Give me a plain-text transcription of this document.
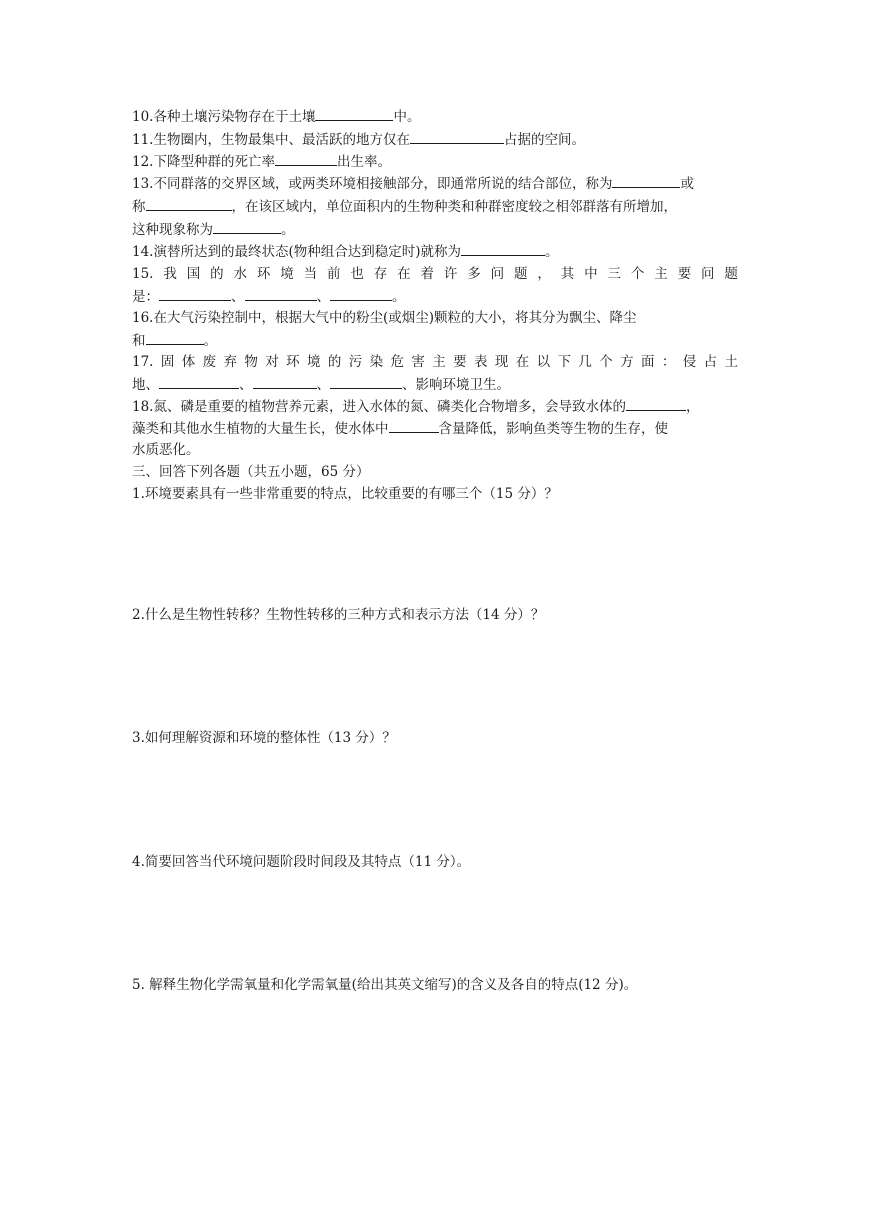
10.各种土壤污染物存在于土壤	中。
11.生物圈内，生物最集中、最活跃的地方仅在	占据的空间。
12.下降型种群的死亡率	出生率。
13.不同群落的交界区域，或两类环境相接触部分，即通常所说的结合部位，称为	或
称	，在该区域内，单位面积内的生物种类和种群密度较之相邻群落有所增加，
这种现象称为	。
14.演替所达到的最终状态(物种组合达到稳定时)就称为	。
15. 我 国 的 水 环 境 当 前 也 存 在 着 许 多 问 题 ， 其 中 三 个 主 要 问 题
是：	、	、	。
16.在大气污染控制中，根据大气中的粉尘(或烟尘)颗粒的大小，将其分为飘尘、降尘
和	。
17. 固 体 废 弃 物 对 环 境 的 污 染 危 害 主 要 表 现 在 以 下 几 个 方 面 ： 侵 占 土
地、	、	、	、影响环境卫生。
18.氮、磷是重要的植物营养元素，进入水体的氮、磷类化合物增多，会导致水体的	，
藻类和其他水生植物的大量生长，使水体中	含量降低，影响鱼类等生物的生存，使
水质恶化。
三、回答下列各题（共五小题，65 分）
1.环境要素具有一些非常重要的特点，比较重要的有哪三个（15 分）？
2.什么是生物性转移？生物性转移的三种方式和表示方法（14 分）？
3.如何理解资源和环境的整体性（13 分）？
4.简要回答当代环境问题阶段时间段及其特点（11 分）。
5. 解释生物化学需氧量和化学需氧量(给出其英文缩写)的含义及各自的特点(12 分)。
